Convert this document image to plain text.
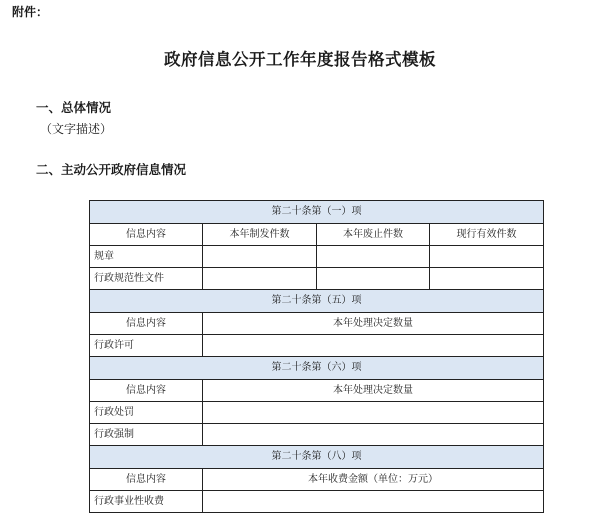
附件：
政府信息公开工作年度报告格式模板
一、总体情况
（文字描述）
二、主动公开政府信息情况
第二十条第（一）项			
信息内容	本年制发件数	本年废止件数	现行有效件数
规章			
行政规范性文件			
第二十条第（五）项			
信息内容	本年处理决定数量		
行政许可			
第二十条第（六）项			
信息内容	本年处理决定数量		
行政处罚			
行政强制			
第二十条第（八）项			
信息内容	本年收费金额（单位：万元）		
行政事业性收费			
